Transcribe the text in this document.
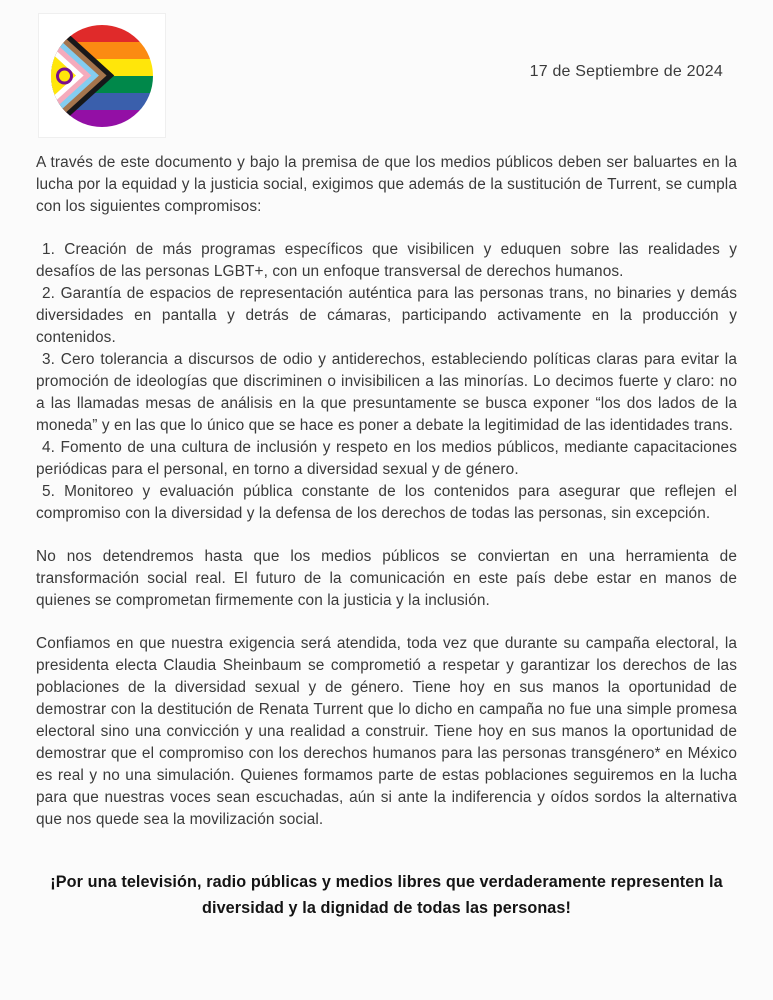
17 de Septiembre de 2024

A través de este documento y bajo la premisa de que los medios públicos deben ser baluartes en la lucha por la equidad y la justicia social, exigimos que además de la sustitución de Turrent, se cumpla con los siguientes compromisos:

1. Creación de más programas específicos que visibilicen y eduquen sobre las realidades y desafíos de las personas LGBT+, con un enfoque transversal de derechos humanos.

2. Garantía de espacios de representación auténtica para las personas trans, no binaries y demás diversidades en pantalla y detrás de cámaras, participando activamente en la producción y contenidos.

3. Cero tolerancia a discursos de odio y antiderechos, estableciendo políticas claras para evitar la promoción de ideologías que discriminen o invisibilicen a las minorías. Lo decimos fuerte y claro: no a las llamadas mesas de análisis en la que presuntamente se busca exponer “los dos lados de la moneda” y en las que lo único que se hace es poner a debate la legitimidad de las identidades trans.

4. Fomento de una cultura de inclusión y respeto en los medios públicos, mediante capacitaciones periódicas para el personal, en torno a diversidad sexual y de género.

5. Monitoreo y evaluación pública constante de los contenidos para asegurar que reflejen el compromiso con la diversidad y la defensa de los derechos de todas las personas, sin excepción.

No nos detendremos hasta que los medios públicos se conviertan en una herramienta de transformación social real. El futuro de la comunicación en este país debe estar en manos de quienes se comprometan firmemente con la justicia y la inclusión.

Confiamos en que nuestra exigencia será atendida, toda vez que durante su campaña electoral, la presidenta electa Claudia Sheinbaum se comprometió a respetar y garantizar los derechos de las poblaciones de la diversidad sexual y de género. Tiene hoy en sus manos la oportunidad de demostrar con la destitución de Renata Turrent que lo dicho en campaña no fue una simple promesa electoral sino una convicción y una realidad a construir. Tiene hoy en sus manos la oportunidad de demostrar que el compromiso con los derechos humanos para las personas transgénero* en México es real y no una simulación. Quienes formamos parte de estas poblaciones seguiremos en la lucha para que nuestras voces sean escuchadas, aún si ante la indiferencia y oídos sordos la alternativa que nos quede sea la movilización social.

¡Por una televisión, radio públicas y medios libres que verdaderamente representen la diversidad y la dignidad de todas las personas!
